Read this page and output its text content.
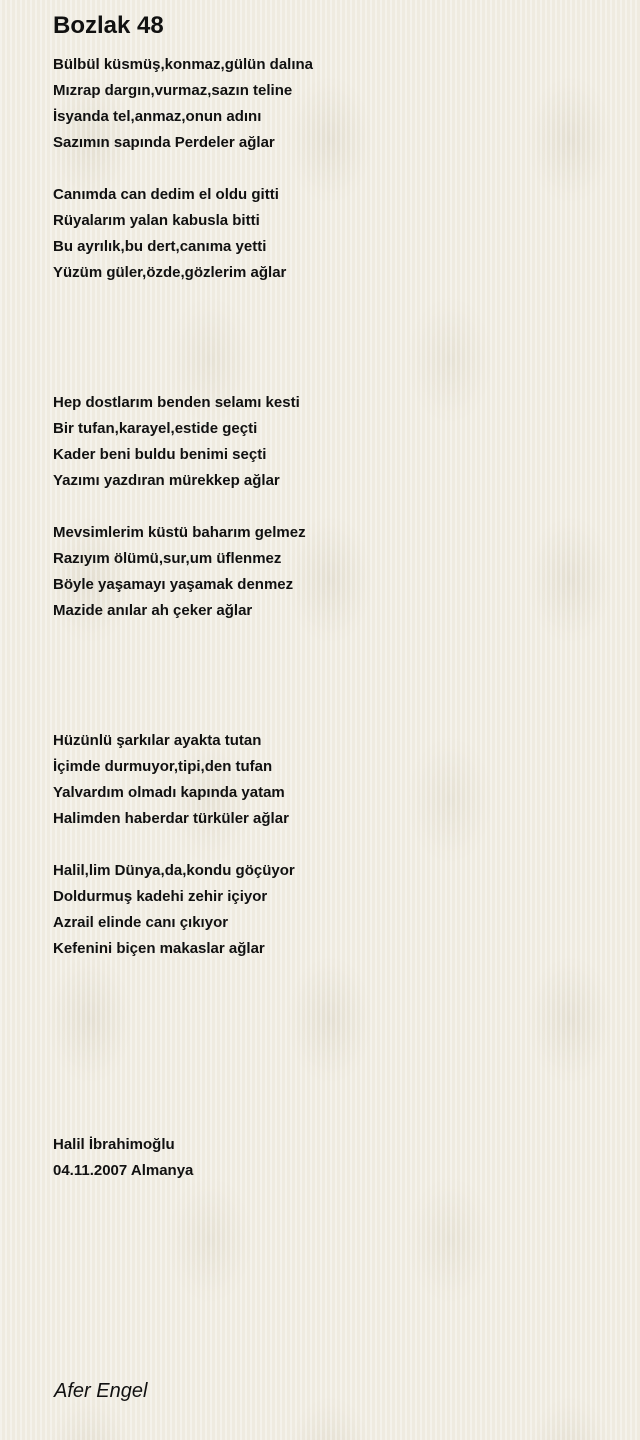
Bozlak 48
Bülbül küsmüş,konmaz,gülün dalına
Mızrap dargın,vurmaz,sazın teline
İsyanda tel,anmaz,onun adını
Sazımın sapında Perdeler ağlar
Canımda can dedim el oldu gitti
Rüyalarım yalan kabusla bitti
Bu ayrılık,bu dert,canıma yetti
Yüzüm güler,özde,gözlerim ağlar
Hep dostlarım benden selamı kesti
Bir tufan,karayel,estide geçti
Kader beni buldu benimi seçti
Yazımı yazdıran mürekkep ağlar
Mevsimlerim küstü baharım gelmez
Razıyım ölümü,sur,um üflenmez
Böyle yaşamayı yaşamak denmez
Mazide anılar ah çeker ağlar
Hüzünlü şarkılar ayakta tutan
İçimde durmuyor,tipi,den tufan
Yalvardım olmadı kapında yatam
Halimden haberdar türküler ağlar
Halil,lim Dünya,da,kondu göçüyor
Doldurmuş kadehi zehir içiyor
Azrail elinde canı çıkıyor
Kefenini biçen makaslar ağlar
Halil İbrahimoğlu
04.11.2007 Almanya
Afer Engel
